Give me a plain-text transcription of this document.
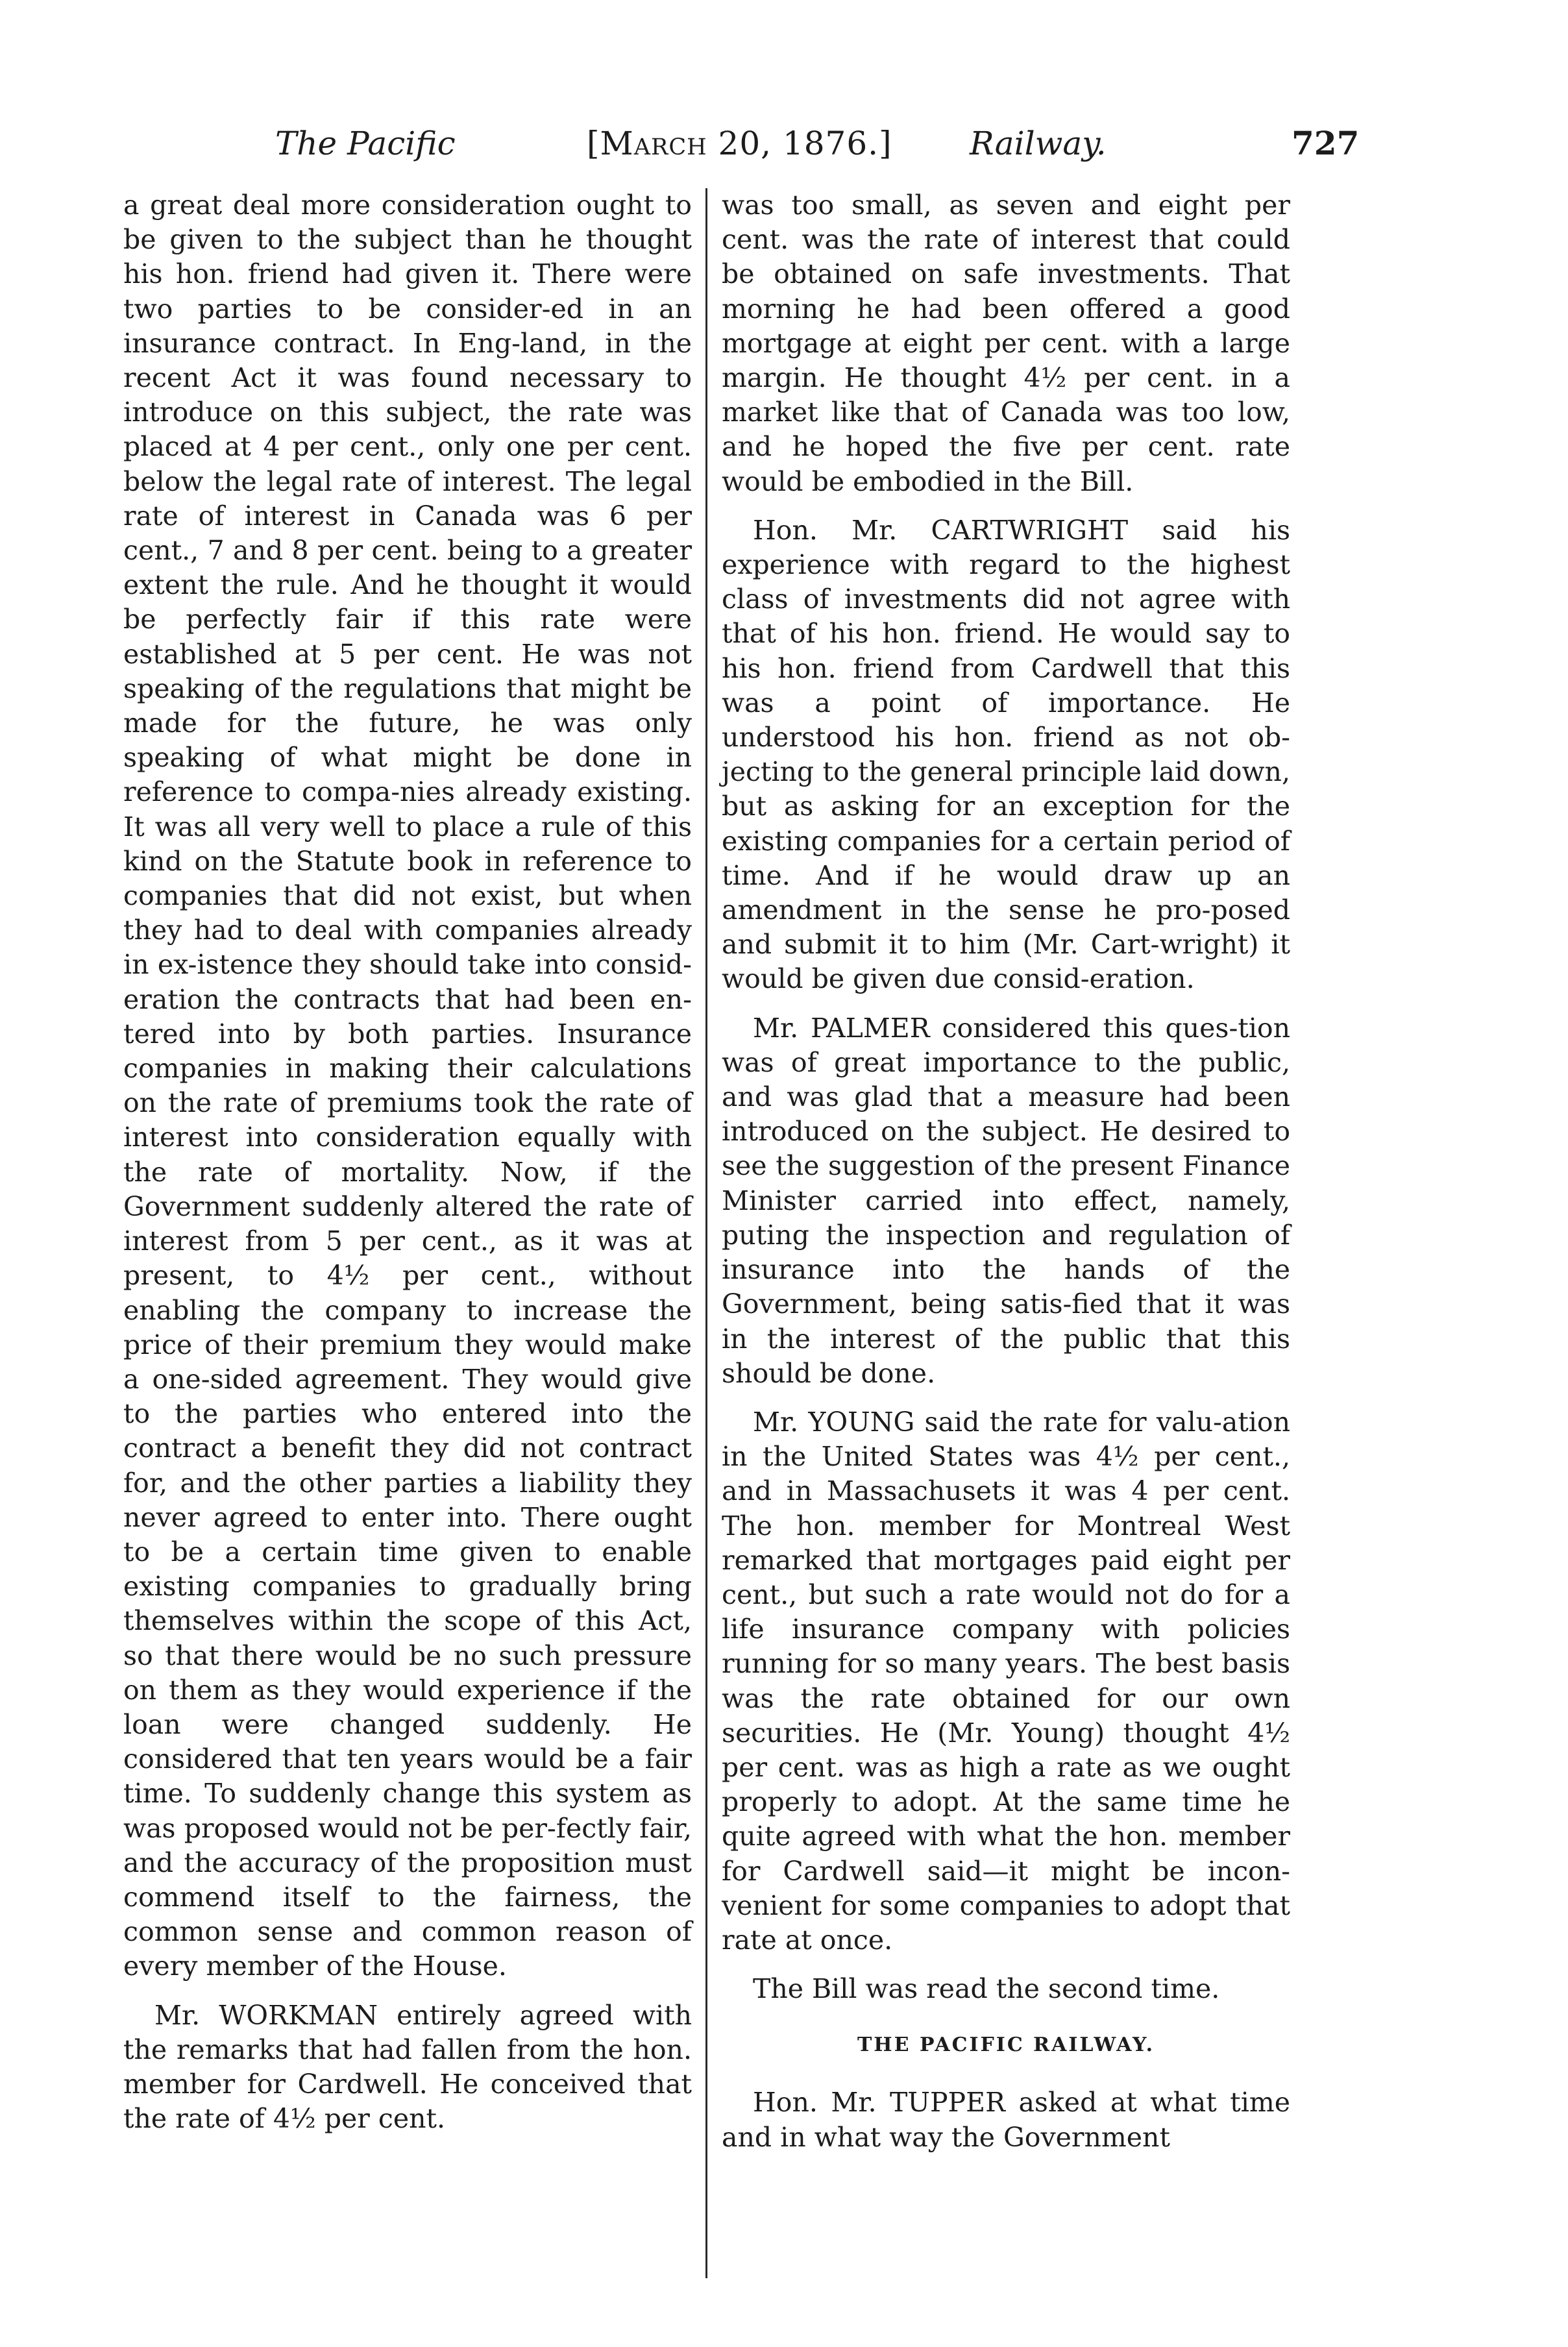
The Pacific	[March 20, 1876.] Railway.	727

a great deal more consideration ought to be given to the subject than he thought his hon. friend had given it. There were two parties to be consider-ed in an insurance contract. In Eng-land, in the recent Act it was found necessary to introduce on this subject, the rate was placed at 4 per cent., only one per cent. below the legal rate of interest. The legal rate of interest in Canada was 6 per cent., 7 and 8 per cent. being to a greater extent the rule. And he thought it would be perfectly fair if this rate were established at 5 per cent. He was not speaking of the regulations that might be made for the future, he was only speaking of what might be done in reference to compa-nies already existing. It was all very well to place a rule of this kind on the Statute book in reference to companies that did not exist, but when they had to deal with companies already in ex-istence they should take into consid-eration the contracts that had been en-tered into by both parties. Insurance companies in making their calculations on the rate of premiums took the rate of interest into consideration equally with the rate of mortality. Now, if the Government suddenly altered the rate of interest from 5 per cent., as it was at present, to 4½ per cent., without enabling the company to increase the price of their premium they would make a one-sided agreement. They would give to the parties who entered into the contract a benefit they did not contract for, and the other parties a liability they never agreed to enter into. There ought to be a certain time given to enable existing companies to gradually bring themselves within the scope of this Act, so that there would be no such pressure on them as they would experience if the loan were changed suddenly. He considered that ten years would be a fair time. To suddenly change this system as was proposed would not be per-fectly fair, and the accuracy of the proposition must commend itself to the fairness, the common sense and common reason of every member of the House.

Mr. WORKMAN entirely agreed with the remarks that had fallen from the hon. member for Cardwell. He conceived that the rate of 4½ per cent.

was too small, as seven and eight per cent. was the rate of interest that could be obtained on safe investments. That morning he had been offered a good mortgage at eight per cent. with a large margin. He thought 4½ per cent. in a market like that of Canada was too low, and he hoped the five per cent. rate would be embodied in the Bill.

Hon. Mr. CARTWRIGHT said his experience with regard to the highest class of investments did not agree with that of his hon. friend. He would say to his hon. friend from Cardwell that this was a point of importance. He understood his hon. friend as not ob-jecting to the general principle laid down, but as asking for an exception for the existing companies for a certain period of time. And if he would draw up an amendment in the sense he pro-posed and submit it to him (Mr. Cart-wright) it would be given due consid-eration.

Mr. PALMER considered this ques-tion was of great importance to the public, and was glad that a measure had been introduced on the subject. He desired to see the suggestion of the present Finance Minister carried into effect, namely, puting the inspection and regulation of insurance into the hands of the Government, being satis-fied that it was in the interest of the public that this should be done.

Mr. YOUNG said the rate for valu-ation in the United States was 4½ per cent., and in Massachusets it was 4 per cent. The hon. member for Montreal West remarked that mortgages paid eight per cent., but such a rate would not do for a life insurance company with policies running for so many years. The best basis was the rate obtained for our own securities. He (Mr. Young) thought 4½ per cent. was as high a rate as we ought properly to adopt. At the same time he quite agreed with what the hon. member for Cardwell said—it might be incon-venient for some companies to adopt that rate at once.

The Bill was read the second time.

THE PACIFIC RAILWAY.

Hon. Mr. TUPPER asked at what time and in what way the Government
